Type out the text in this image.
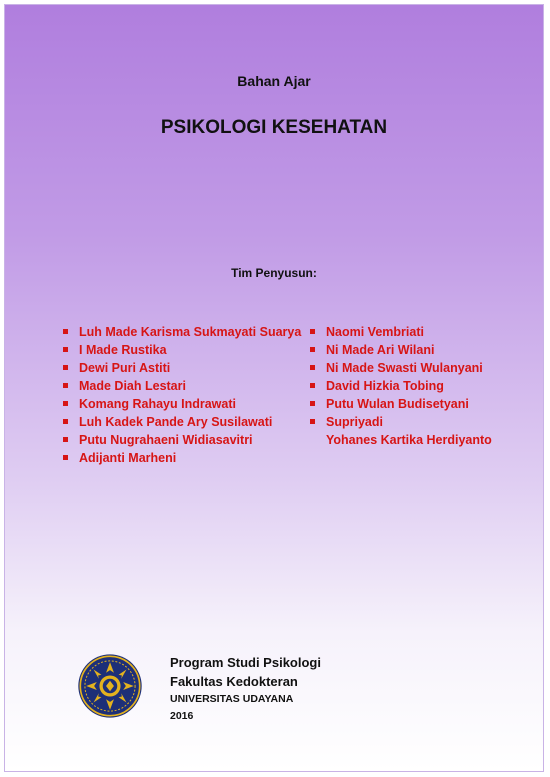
Bahan Ajar
PSIKOLOGI KESEHATAN
Tim Penyusun:
Luh Made Karisma Sukmayati Suarya
I Made Rustika
Dewi Puri Astiti
Made Diah Lestari
Komang Rahayu Indrawati
Luh Kadek Pande Ary Susilawati
Putu Nugrahaeni Widiasavitri
Adijanti Marheni
Naomi Vembriati
Ni Made Ari Wilani
Ni Made Swasti Wulanyani
David Hizkia Tobing
Putu Wulan Budisetyani
Supriyadi
Yohanes Kartika Herdiyanto
Program Studi Psikologi
Fakultas Kedokteran
UNIVERSITAS UDAYANA
2016
